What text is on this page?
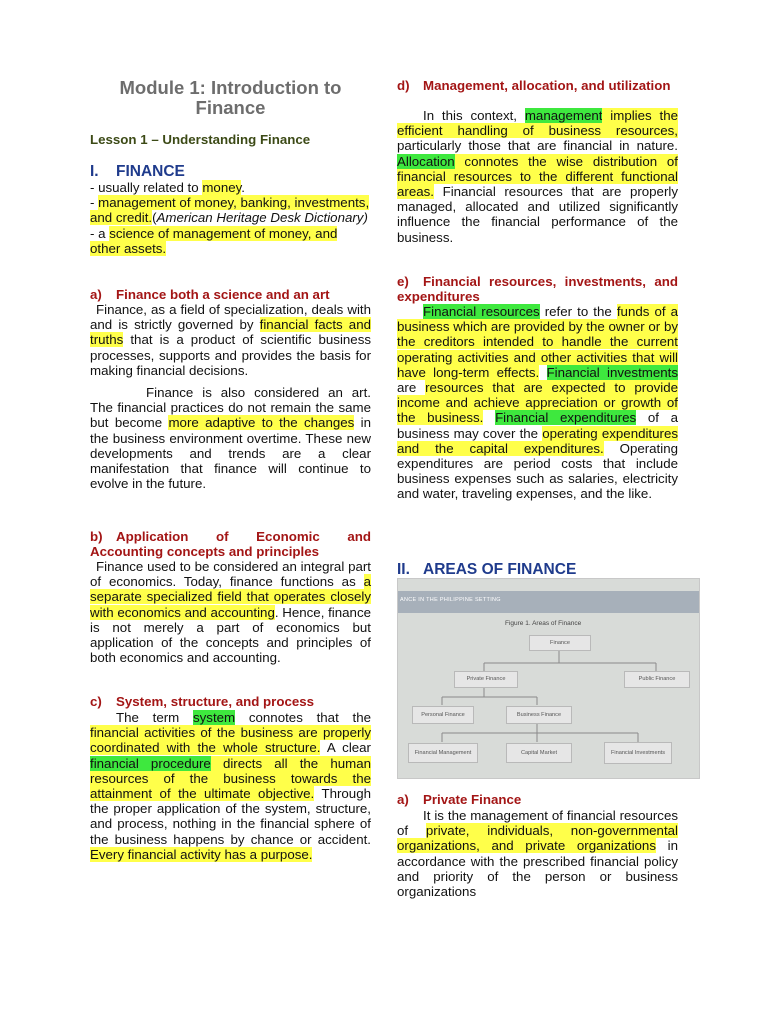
Module 1: Introduction to Finance

Lesson 1 – Understanding Finance

I. FINANCE

- usually related to money.

- management of money, banking, investments, and credit.(American Heritage Desk Dictionary)

- a science of management of money, and other assets.

a) Finance both a science and an art

Finance, as a field of specialization, deals with and is strictly governed by financial facts and truths that is a product of scientific business processes, supports and provides the basis for making financial decisions.

Finance is also considered an art. The financial practices do not remain the same but become more adaptive to the changes in the business environment overtime. These new developments and trends are a clear manifestation that finance will continue to evolve in the future.

b) Application of Economic and Accounting concepts and principles

Finance used to be considered an integral part of economics. Today, finance functions as a separate specialized field that operates closely with economics and accounting. Hence, finance is not merely a part of economics but application of the concepts and principles of both economics and accounting.

c) System, structure, and process

The term system connotes that the financial activities of the business are properly coordinated with the whole structure. A clear financial procedure directs all the human resources of the business towards the attainment of the ultimate objective. Through the proper application of the system, structure, and process, nothing in the financial sphere of the business happens by chance or accident. Every financial activity has a purpose.

d) Management, allocation, and utilization

In this context, management implies the efficient handling of business resources, particularly those that are financial in nature. Allocation connotes the wise distribution of financial resources to the different functional areas. Financial resources that are properly managed, allocated and utilized significantly influence the financial performance of the business.

e) Financial resources, investments, and expenditures

Financial resources refer to the funds of a business which are provided by the owner or by the creditors intended to handle the current operating activities and other activities that will have long-term effects. Financial investments are resources that are expected to provide income and achieve appreciation or growth of the business. Financial expenditures of a business may cover the operating expenditures and the capital expenditures. Operating expenditures are period costs that include business expenses such as salaries, electricity and water, traveling expenses, and the like.

II. AREAS OF FINANCE
ANCE IN THE PHILIPPINE SETTING
Figure 1. Areas of Finance
Finance
Private Finance	Public Finance
Personal Finance	Business Finance
Financial Management	Capital Market	Financial Investments
a) Private Finance

It is the management of financial resources of private, individuals, non-governmental organizations, and private organizations in accordance with the prescribed financial policy and priority of the person or business organizations
